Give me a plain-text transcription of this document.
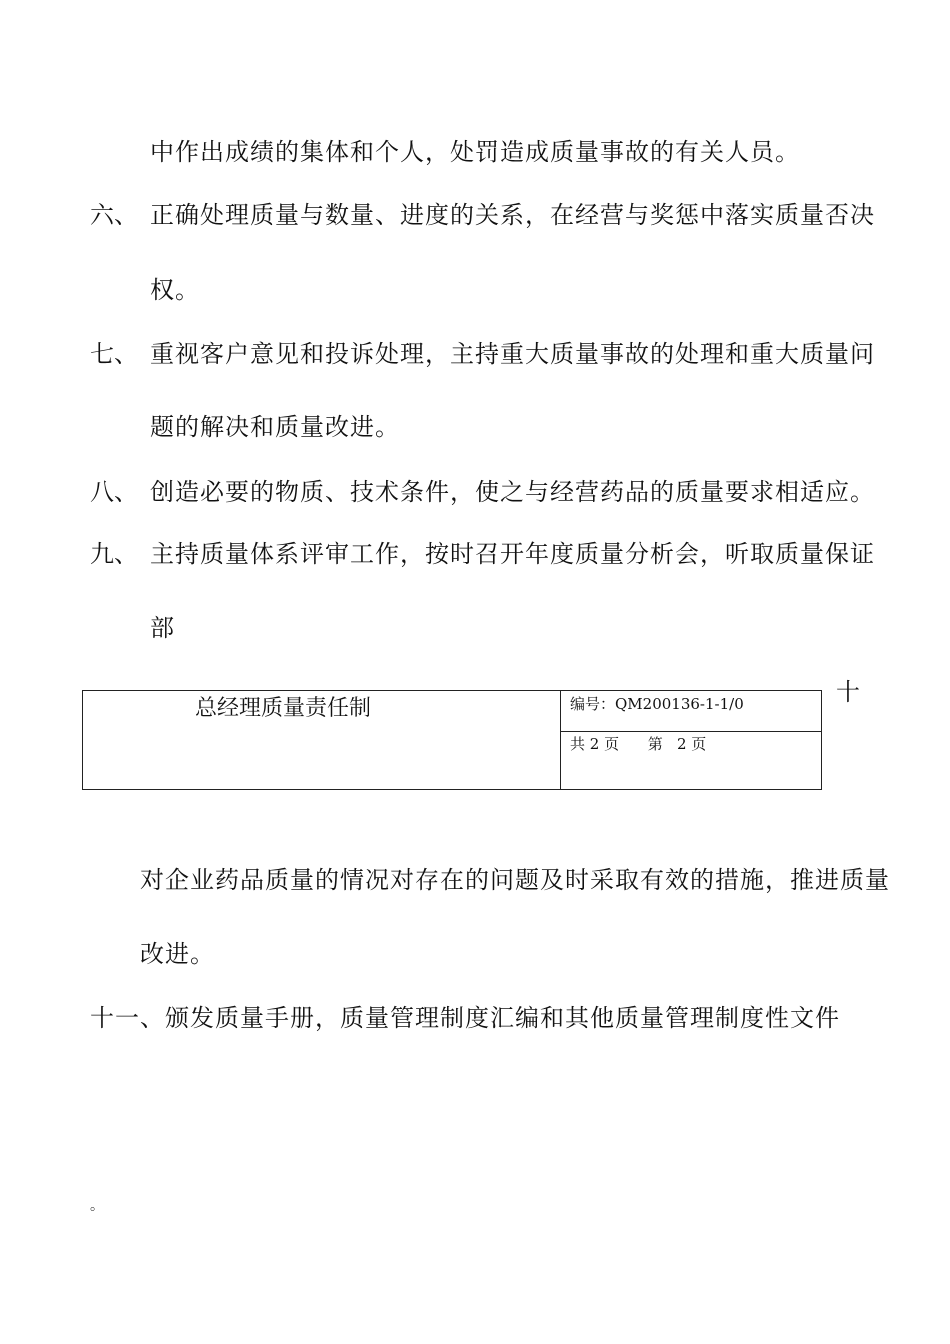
中作出成绩的集体和个人，处罚造成质量事故的有关人员。
六、 正确处理质量与数量、进度的关系，在经营与奖惩中落实质量否决
权。
七、 重视客户意见和投诉处理，主持重大质量事故的处理和重大质量问
题的解决和质量改进。
八、 创造必要的物质、技术条件，使之与经营药品的质量要求相适应。
九、 主持质量体系评审工作，按时召开年度质量分析会，听取质量保证
部
十
总经理质量责任制	编号：QM200136-1-1/0
共 2 页      第   2 页
对企业药品质量的情况对存在的问题及时采取有效的措施，推进质量
改进。
十一、颁发质量手册，质量管理制度汇编和其他质量管理制度性文件
。
